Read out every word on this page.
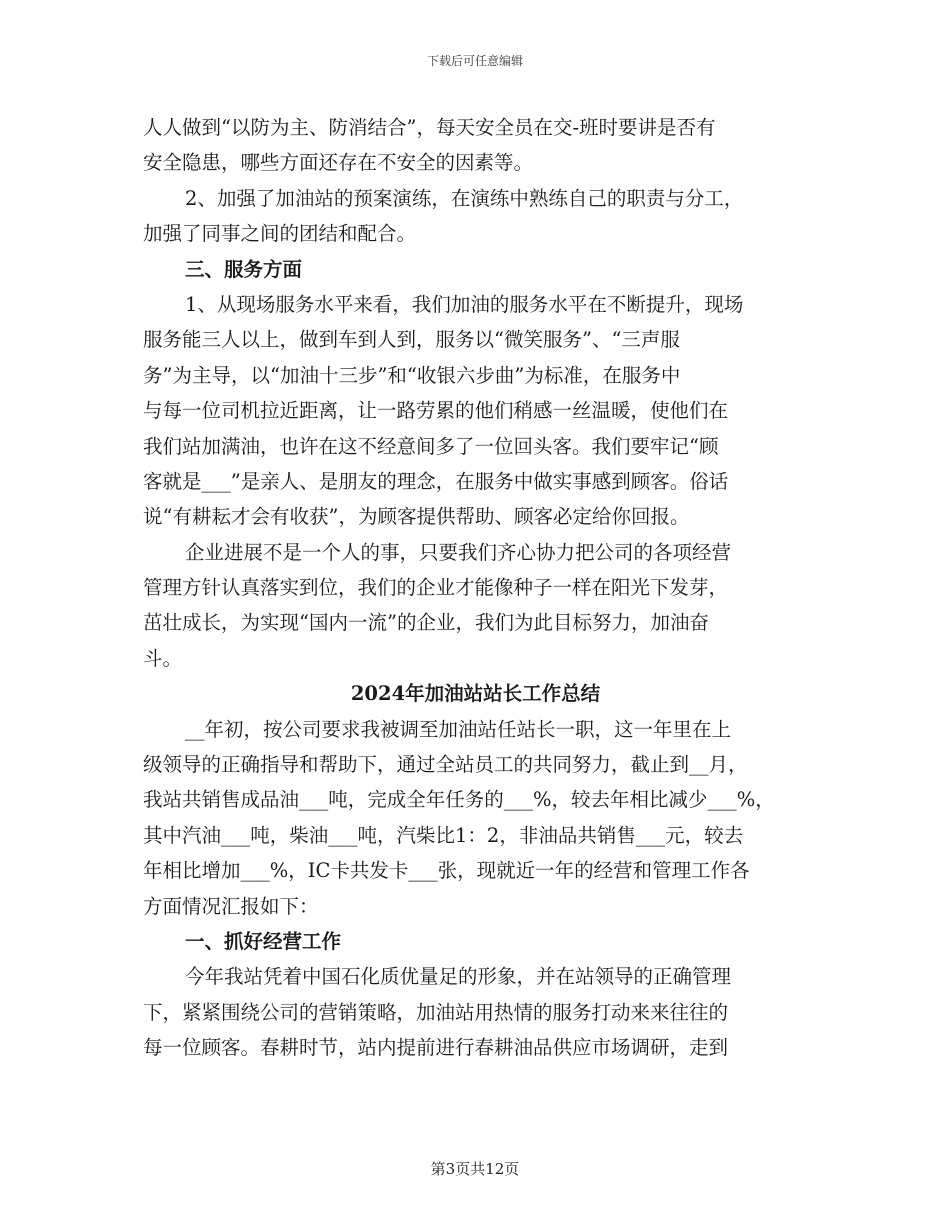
下载后可任意编辑
人人做到“以防为主、防消结合”，每天安全员在交-班时要讲是否有
安全隐患，哪些方面还存在不安全的因素等。
2、加强了加油站的预案演练，在演练中熟练自己的职责与分工，
加强了同事之间的团结和配合。
三、服务方面
1、从现场服务水平来看，我们加油的服务水平在不断提升，现场
服务能三人以上，做到车到人到，服务以“微笑服务”、“三声服
务”为主导，以“加油十三步”和“收银六步曲”为标准，在服务中
与每一位司机拉近距离，让一路劳累的他们稍感一丝温暖，使他们在
我们站加满油，也许在这不经意间多了一位回头客。我们要牢记“顾
客就是___”是亲人、是朋友的理念，在服务中做实事感到顾客。俗话
说“有耕耘才会有收获”，为顾客提供帮助、顾客必定给你回报。
企业进展不是一个人的事，只要我们齐心协力把公司的各项经营
管理方针认真落实到位，我们的企业才能像种子一样在阳光下发芽，
茁壮成长，为实现“国内一流”的企业，我们为此目标努力，加油奋
斗。
2024年加油站站长工作总结
__年初，按公司要求我被调至加油站任站长一职，这一年里在上
级领导的正确指导和帮助下，通过全站员工的共同努力，截止到__月，
我站共销售成品油___吨，完成全年任务的___%，较去年相比减少___%，
其中汽油___吨，柴油___吨，汽柴比1：2，非油品共销售___元，较去
年相比增加___%，IC卡共发卡___张，现就近一年的经营和管理工作各
方面情况汇报如下：
一、抓好经营工作
今年我站凭着中国石化质优量足的形象，并在站领导的正确管理
下，紧紧围绕公司的营销策略，加油站用热情的服务打动来来往往的
每一位顾客。春耕时节，站内提前进行春耕油品供应市场调研，走到
第3页共12页
